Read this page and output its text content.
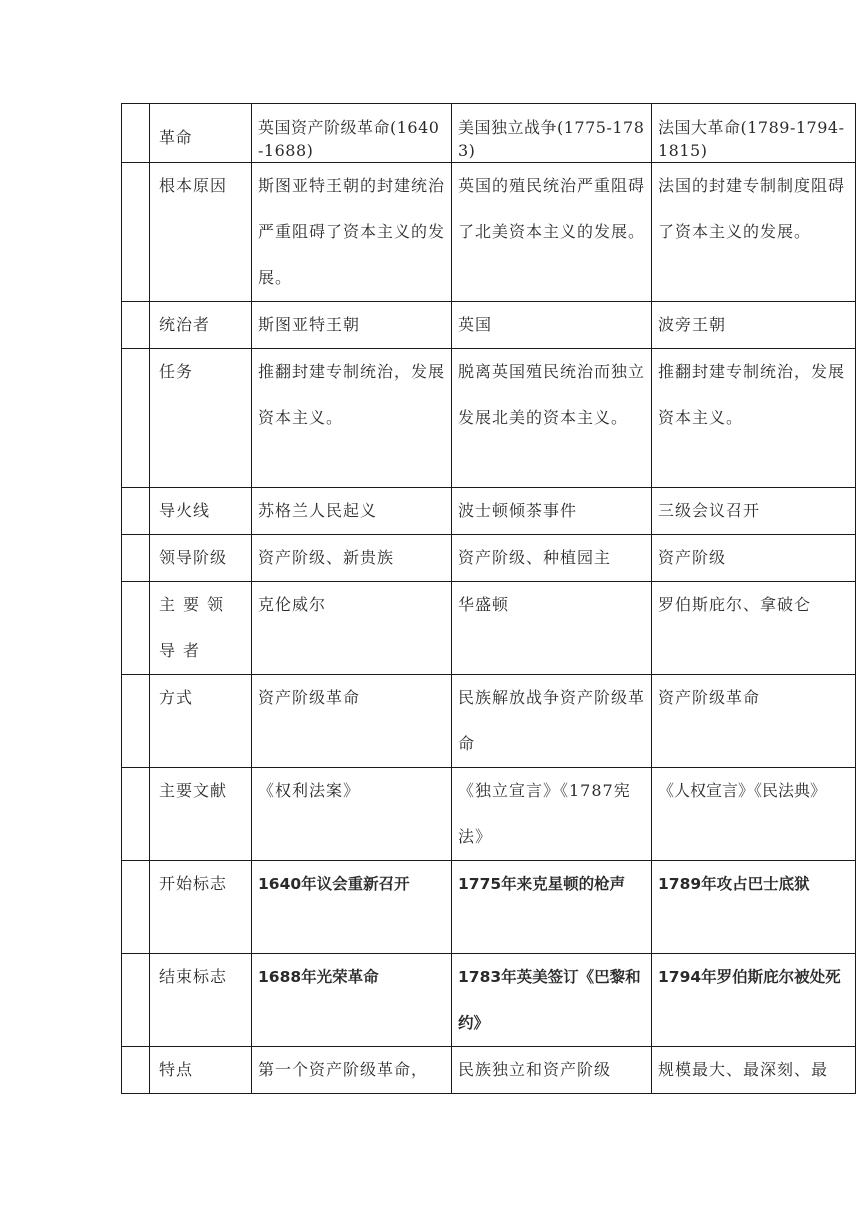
	革命	英国资产阶级革命(1640-1688)	美国独立战争(1775-1783)	法国大革命(1789-1794-1815)
	根本原因	斯图亚特王朝的封建统治严重阻碍了资本主义的发展。	英国的殖民统治严重阻碍了北美资本主义的发展。	法国的封建专制制度阻碍了资本主义的发展。
	统治者	斯图亚特王朝	英国	波旁王朝
	任务	推翻封建专制统治，发展资本主义。	脱离英国殖民统治而独立发展北美的资本主义。	推翻封建专制统治，发展资本主义。
	导火线	苏格兰人民起义	波士顿倾茶事件	三级会议召开
	领导阶级	资产阶级、新贵族	资产阶级、种植园主	资产阶级
	主要领导者	克伦威尔	华盛顿	罗伯斯庇尔、拿破仑
	方式	资产阶级革命	民族解放战争资产阶级革命	资产阶级革命
	主要文献	《权利法案》	《独立宣言》《1787宪法》	《人权宣言》《民法典》
	开始标志	1640年议会重新召开	1775年来克星顿的枪声	1789年攻占巴士底狱
	结束标志	1688年光荣革命	1783年英美签订《巴黎和约》	1794年罗伯斯庇尔被处死
	特点	第一个资产阶级革命，	民族独立和资产阶级	规模最大、最深刻、最
